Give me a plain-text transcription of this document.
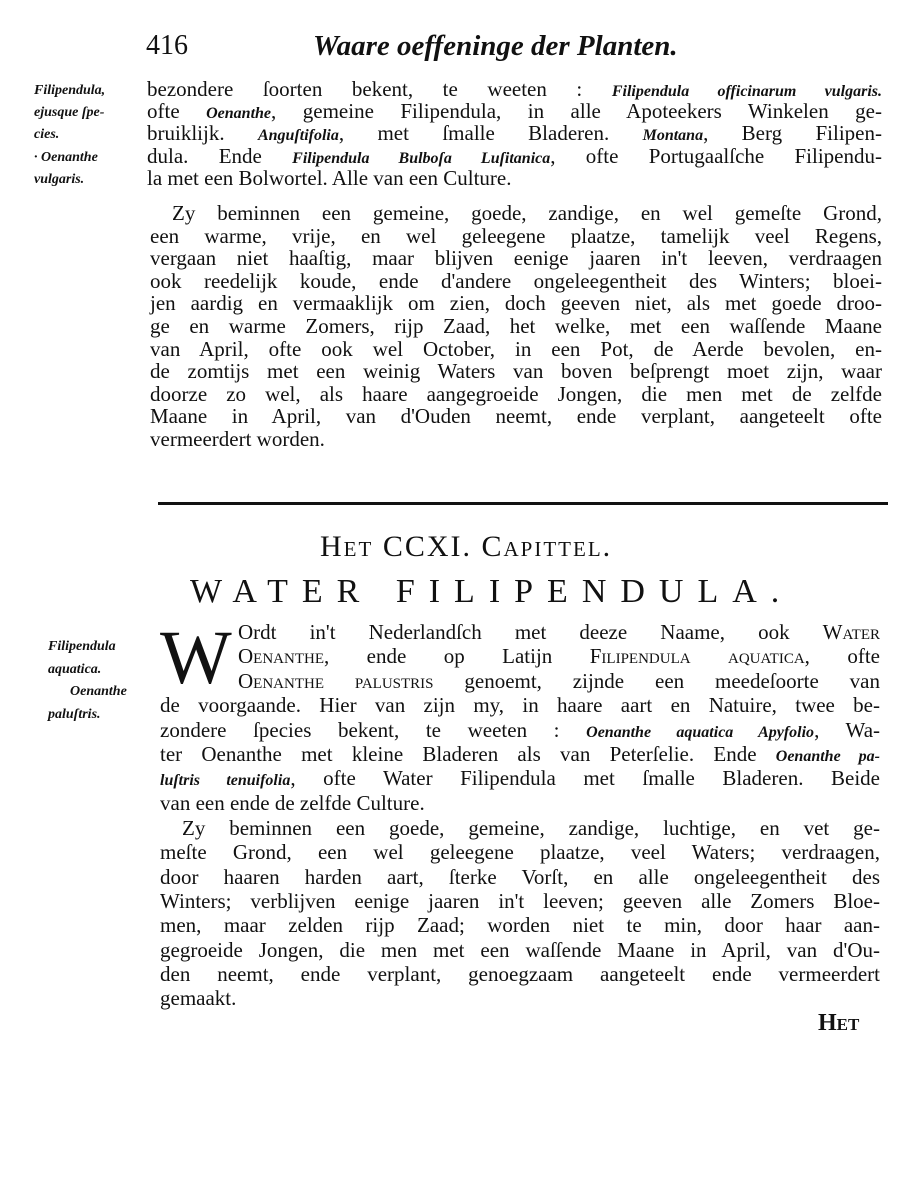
416	Waare oeffeninge der Planten.
bezondere ſoorten bekent, te weeten : Filipendula officinarum vulgaris.
ofte Oenanthe, gemeine Filipendula, in alle Apoteekers Winkelen ge-
bruiklijk. Anguſtifolia, met ſmalle Bladeren. Montana, Berg Filipen-
dula. Ende Filipendula Bulboſa Luſitanica, ofte Portugaalſche Filipendu-
la met een Bolwortel. Alle van een Culture.
Filipendula,
ejusque ſpe-
cies.
· Oenanthe
vulgaris.
Zy beminnen een gemeine, goede, zandige, en wel gemeſte Grond,
een warme, vrije, en wel geleegene plaatze, tamelijk veel Regens,
vergaan niet haaſtig, maar blijven eenige jaaren in't leeven, verdraagen
ook reedelijk koude, ende d'andere ongeleegentheit des Winters; bloei-
jen aardig en vermaaklijk om zien, doch geeven niet, als met goede droo-
ge en warme Zomers, rijp Zaad, het welke, met een waſſende Maane
van April, ofte ook wel October, in een Pot, de Aerde bevolen, en-
de zomtijs met een weinig Waters van boven beſprengt moet zijn, waar
doorze zo wel, als haare aangegroeide Jongen, die men met de zelfde
Maane in April, van d'Ouden neemt, ende verplant, aangeteelt ofte
vermeerdert worden.
Het CCXI. Capittel.
WATER FILIPENDULA.
W Ordt in't Nederlandſch met deeze Naame, ook Water
Oenanthe, ende op Latijn Filipendula aquatica, ofte
Oenanthe palustris genoemt, zijnde een meedeſoorte van
de voorgaande. Hier van zijn my, in haare aart en Natuire, twee be-
zondere ſpecies bekent, te weeten : Oenanthe aquatica Apyfolio, Wa-
ter Oenanthe met kleine Bladeren als van Peterſelie. Ende Oenanthe pa-
luſtris tenuifolia, ofte Water Filipendula met ſmalle Bladeren. Beide
van een ende de zelfde Culture.
Filipendula
aquatica.
Oenanthe
paluſtris.
Zy beminnen een goede, gemeine, zandige, luchtige, en vet ge-
meſte Grond, een wel geleegene plaatze, veel Waters; verdraagen,
door haaren harden aart, ſterke Vorſt, en alle ongeleegentheit des
Winters; verblijven eenige jaaren in't leeven; geeven alle Zomers Bloe-
men, maar zelden rijp Zaad; worden niet te min, door haar aan-
gegroeide Jongen, die men met een waſſende Maane in April, van d'Ou-
den neemt, ende verplant, genoegzaam aangeteelt ende vermeerdert
gemaakt.
Het
